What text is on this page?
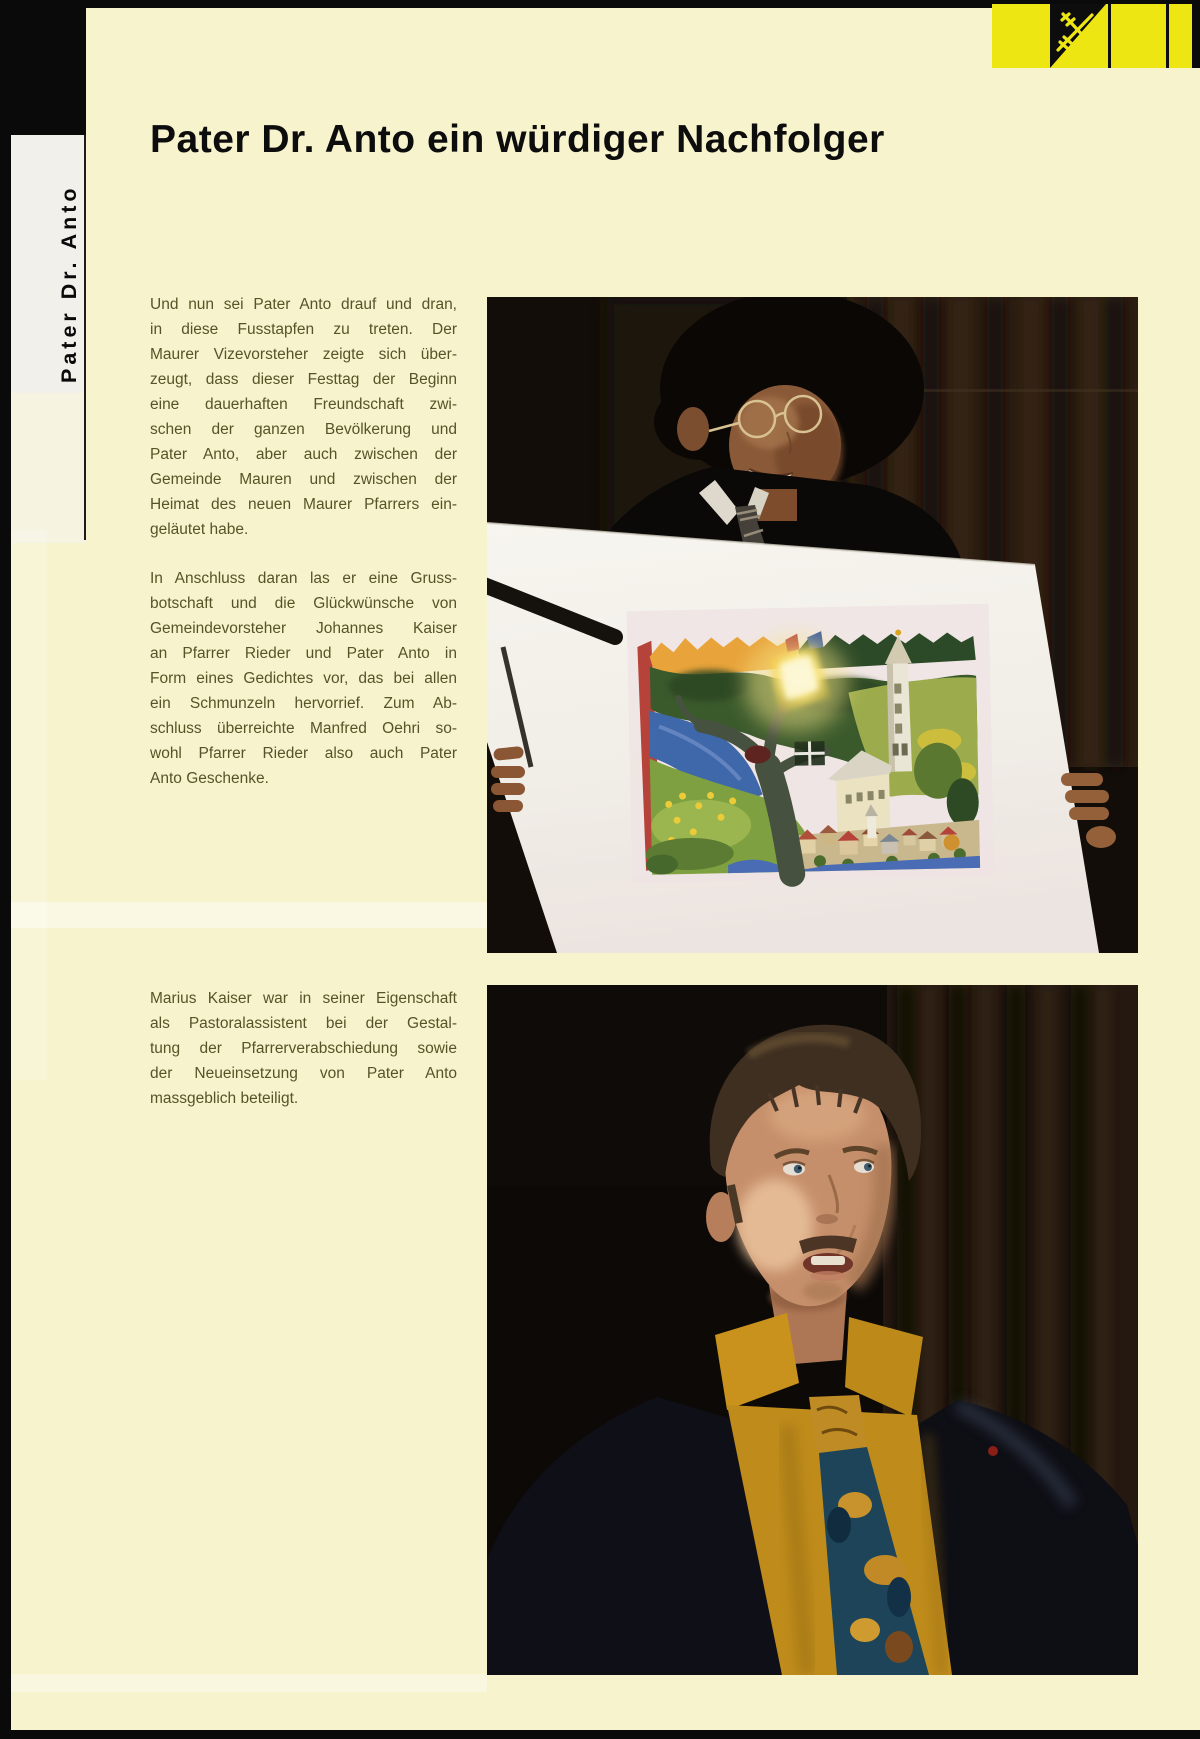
Pater Dr. Anto
Pater Dr. Anto ein würdiger Nachfolger
Und nun sei Pater Anto drauf und dran,
in diese Fusstapfen zu treten. Der
Maurer Vizevorsteher zeigte sich über-
zeugt, dass dieser Festtag der Beginn
eine dauerhaften Freundschaft zwi-
schen der ganzen Bevölkerung und
Pater Anto, aber auch zwischen der
Gemeinde Mauren und zwischen der
Heimat des neuen Maurer Pfarrers ein-
geläutet habe.
In Anschluss daran las er eine Gruss-
botschaft und die Glückwünsche von
Gemeindevorsteher Johannes Kaiser
an Pfarrer Rieder und Pater Anto in
Form eines Gedichtes vor, das bei allen
ein Schmunzeln hervorrief. Zum Ab-
schluss überreichte Manfred Oehri so-
wohl Pfarrer Rieder also auch Pater
Anto Geschenke.
Marius Kaiser war in seiner Eigenschaft
als Pastoralassistent bei der Gestal-
tung der Pfarrerverabschiedung sowie
der Neueinsetzung von Pater Anto
massgeblich beteiligt.
